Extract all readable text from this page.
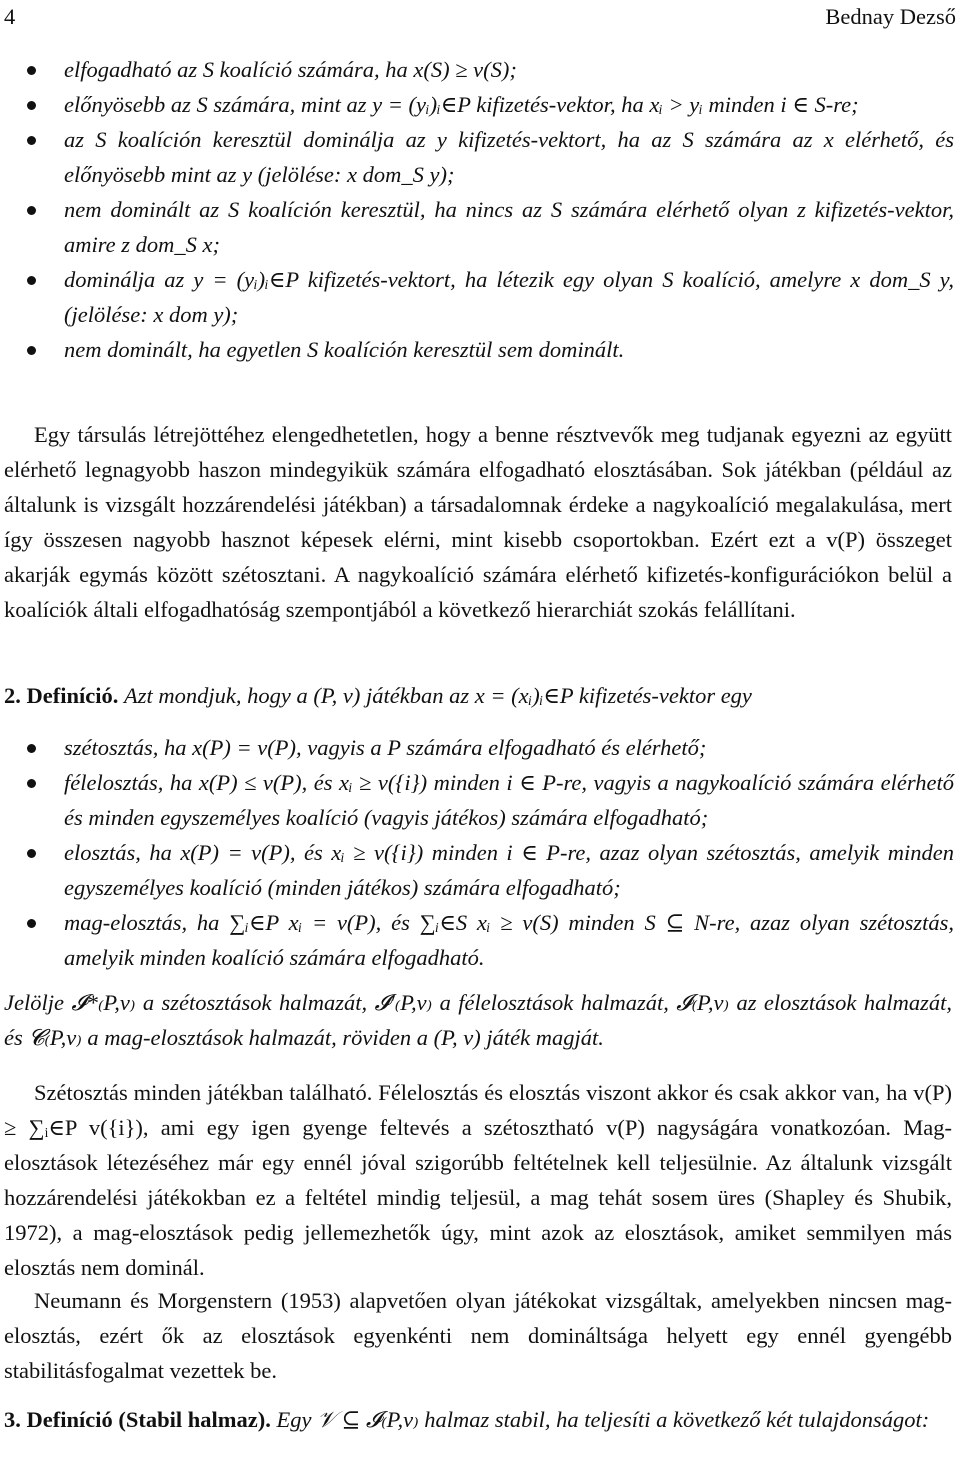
4	Bednay Dezső
elfogadható az S koalíció számára, ha x(S) ≥ v(S);
előnyösebb az S számára, mint az y = (yᵢ)ᵢ∈P kifizetés-vektor, ha xᵢ > yᵢ minden i ∈ S-re;
az S koalíción keresztül dominálja az y kifizetés-vektort, ha az S számára az x elérhető, és előnyösebb mint az y (jelölése: x dom_S y);
nem dominált az S koalíción keresztül, ha nincs az S számára elérhető olyan z kifizetés-vektor, amire z dom_S x;
dominálja az y = (yᵢ)ᵢ∈P kifizetés-vektort, ha létezik egy olyan S koalíció, amelyre x dom_S y, (jelölése: x dom y);
nem dominált, ha egyetlen S koalíción keresztül sem dominált.

Egy társulás létrejöttéhez elengedhetetlen, hogy a benne résztvevők meg tudjanak egyezni az együtt elérhető legnagyobb haszon mindegyikük számára elfogadható elosztásában. Sok játékban (például az általunk is vizsgált hozzárendelési játékban) a társadalomnak érdeke a nagykoalíció megalakulása, mert így összesen nagyobb hasznot képesek elérni, mint kisebb csoportokban. Ezért ezt a v(P) összeget akarják egymás között szétosztani. A nagykoalíció számára elérhető kifizetés-konfigurációkon belül a koalíciók általi elfogadhatóság szempontjából a következő hierarchiát szokás felállítani.

2. Definíció. Azt mondjuk, hogy a (P, v) játékban az x = (xᵢ)ᵢ∈P kifizetés-vektor egy

szétosztás, ha x(P) = v(P), vagyis a P számára elfogadható és elérhető;
félelosztás, ha x(P) ≤ v(P), és xᵢ ≥ v({i}) minden i ∈ P-re, vagyis a nagykoalíció számára elérhető és minden egyszemélyes koalíció (vagyis játékos) számára elfogadható;
elosztás, ha x(P) = v(P), és xᵢ ≥ v({i}) minden i ∈ P-re, azaz olyan szétosztás, amelyik minden egyszemélyes koalíció (minden játékos) számára elfogadható;
mag-elosztás, ha ∑ᵢ∈P xᵢ = v(P), és ∑ᵢ∈S xᵢ ≥ v(S) minden S ⊆ N-re, azaz olyan szétosztás, amelyik minden koalíció számára elfogadható.

Jelölje 𝓘*₍P,v₎ a szétosztások halmazát, 𝓘′₍P,v₎ a félelosztások halmazát, 𝓘₍P,v₎ az elosztások halmazát, és 𝓒₍P,v₎ a mag-elosztások halmazát, röviden a (P, v) játék magját.

Szétosztás minden játékban található. Félelosztás és elosztás viszont akkor és csak akkor van, ha v(P) ≥ ∑ᵢ∈P v({i}), ami egy igen gyenge feltevés a szétosztható v(P) nagyságára vonatkozóan. Mag-elosztások létezéséhez már egy ennél jóval szigorúbb feltételnek kell teljesülnie. Az általunk vizsgált hozzárendelési játékokban ez a feltétel mindig teljesül, a mag tehát sosem üres (Shapley és Shubik, 1972), a mag-elosztások pedig jellemezhetők úgy, mint azok az elosztások, amiket semmilyen más elosztás nem dominál.

Neumann és Morgenstern (1953) alapvetően olyan játékokat vizsgáltak, amelyekben nincsen mag-elosztás, ezért ők az elosztások egyenkénti nem domináltsága helyett egy ennél gyengébb stabilitásfogalmat vezettek be.

3. Definíció (Stabil halmaz). Egy 𝒱 ⊆ 𝓘₍P,v₎ halmaz stabil, ha teljesíti a következő két tulajdonságot:
